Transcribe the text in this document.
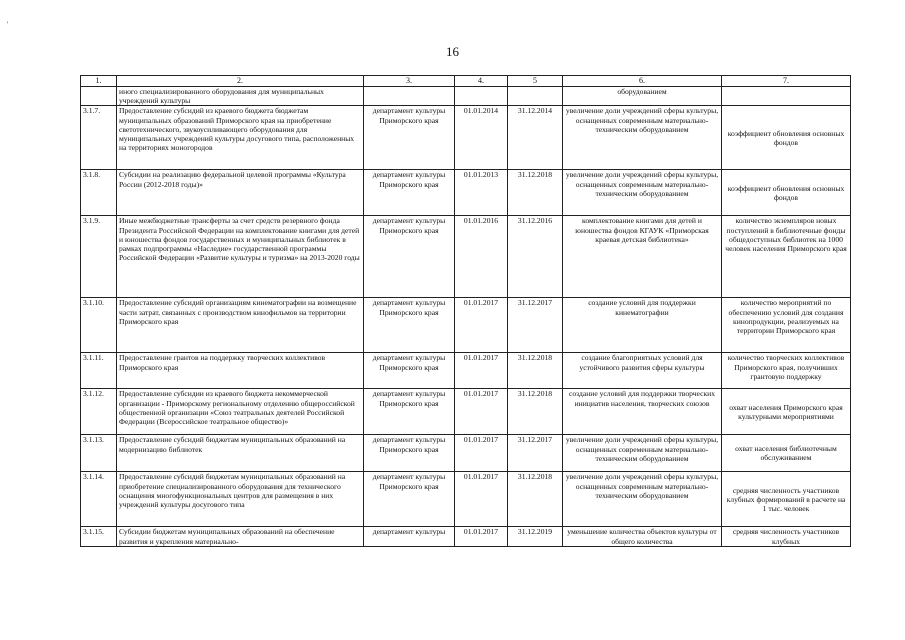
'
16
1.	2.	3.	4.	5	6.	7.
	иного специализированного оборудования для муниципальных учреждений культуры				оборудованием	
3.1.7.	Предоставление субсидий из краевого бюджета бюджетам муниципальных образований Приморского края на приобретение светотехнического, звукоусиливающего оборудования для муниципальных учреждений культуры досугового типа, расположенных на территориях моногородов	департамент культуры Приморского края	01.01.2014	31.12.2014	увеличение доли учреждений сферы культуры, оснащенных современным материально-техническим оборудованием	коэффициент обновления основных фондов
3.1.8.	Субсидии на реализацию федеральной целевой программы «Культура России (2012-2018 годы)»	департамент культуры Приморского края	01.01.2013	31.12.2018	увеличение доли учреждений сферы культуры, оснащенных современным материально-техническим оборудованием	коэффициент обновления основных фондов
3.1.9.	Иные межбюджетные трансферты за счет средств резервного фонда Президента Российской Федерации на комплектование книгами для детей и юношества фондов государственных и муниципальных библиотек в рамках подпрограммы «Наследие» государственной программы Российской Федерации «Развитие культуры и туризма» на 2013-2020 годы	департамент культуры Приморского края	01.01.2016	31.12.2016	комплектование книгами для детей и юношества фондов КГАУК «Приморская краевая детская библиотека»	количество экземпляров новых поступлений в библиотечные фонды общедоступных библиотек на 1000 человек населения Приморского края
3.1.10.	Предоставление субсидий организациям кинематографии на возмещение части затрат, связанных с производством кинофильмов на территории Приморского края	департамент культуры Приморского края	01.01.2017	31.12.2017	создание условий для поддержки кинематографии	количество мероприятий по обеспечению условий для создания кинопродукции, реализуемых на территории Приморского края
3.1.11.	Предоставление грантов на поддержку творческих коллективов Приморского края	департамент культуры Приморского края	01.01.2017	31.12.2018	создание благоприятных условий для устойчивого развития сферы культуры	количество творческих коллективов Приморского края, получивших грантовую поддержку
3.1.12.	Предоставление субсидии из краевого бюджета некоммерческой организации - Приморскому региональному отделению общероссийской общественной организации «Союз театральных деятелей Российской Федерации (Всероссийское театральное общество)»	департамент культуры Приморского края	01.01.2017	31.12.2018	создание условий для поддержки творческих инициатив населения, творческих союзов	охват населения Приморского края культурными мероприятиями
3.1.13.	Предоставление субсидий бюджетам муниципальных образований на модернизацию библиотек	департамент культуры Приморского края	01.01.2017	31.12.2017	увеличение доли учреждений сферы культуры, оснащенных современным материально-техническим оборудованием	охват населения библиотечным обслуживанием
3.1.14.	Предоставление субсидий бюджетам муниципальных образований на приобретение специализированного оборудования для технического оснащения многофункциональных центров для размещения в них учреждений культуры досугового типа	департамент культуры Приморского края	01.01.2017	31.12.2018	увеличение доли учреждений сферы культуры, оснащенных современным материально-техническим оборудованием	средняя численность участников клубных формирований в расчете на 1 тыс. человек
3.1.15.	Субсидии бюджетам муниципальных образований на обеспечение развития и укрепления материально-	департамент культуры	01.01.2017	31.12.2019	уменьшение количества объектов культуры от общего количества	средняя численность участников клубных
